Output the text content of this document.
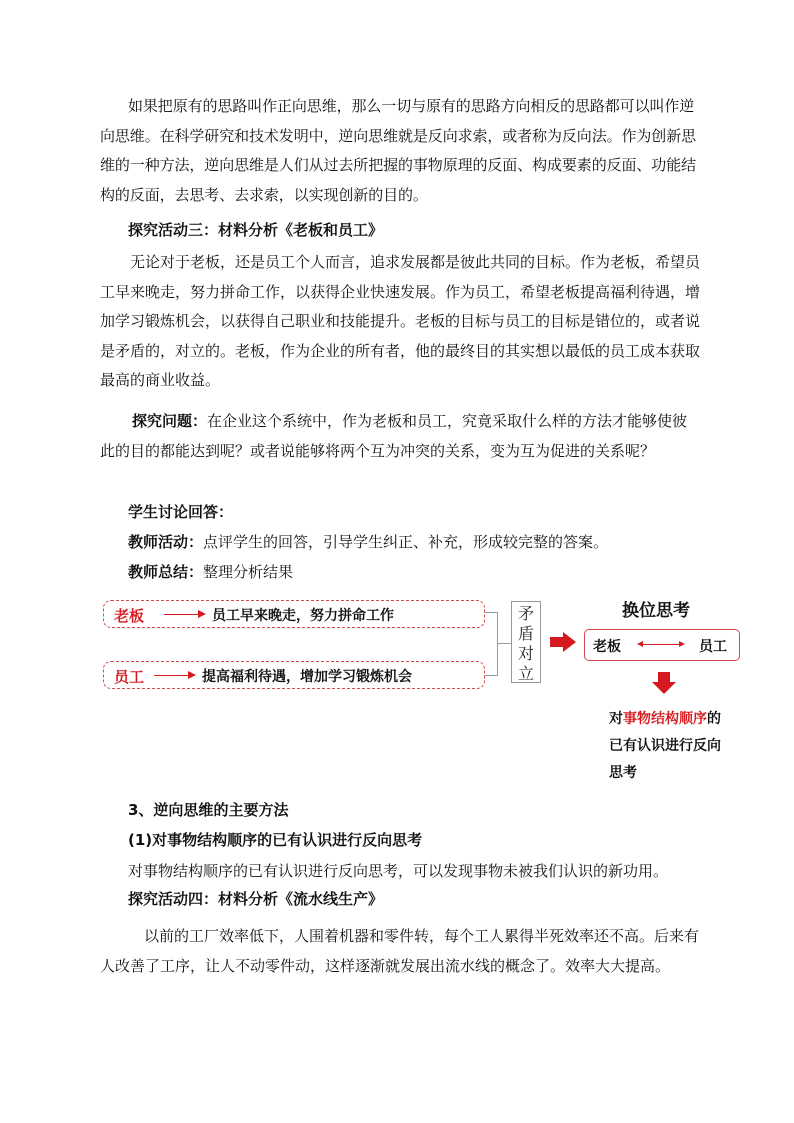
如果把原有的思路叫作正向思维，那么一切与原有的思路方向相反的思路都可以叫作逆向思维。在科学研究和技术发明中，逆向思维就是反向求索，或者称为反向法。作为创新思维的一种方法，逆向思维是人们从过去所把握的事物原理的反面、构成要素的反面、功能结构的反面，去思考、去求索，以实现创新的目的。

探究活动三：材料分析《老板和员工》

无论对于老板，还是员工个人而言，追求发展都是彼此共同的目标。作为老板，希望员工早来晚走，努力拼命工作，以获得企业快速发展。作为员工，希望老板提高福利待遇，增加学习锻炼机会，以获得自己职业和技能提升。老板的目标与员工的目标是错位的，或者说是矛盾的，对立的。老板，作为企业的所有者，他的最终目的其实想以最低的员工成本获取最高的商业收益。

探究问题：在企业这个系统中，作为老板和员工，究竟采取什么样的方法才能够使彼此的目的都能达到呢？或者说能够将两个互为冲突的关系，变为互为促进的关系呢？

学生讨论回答：

教师活动：点评学生的回答，引导学生纠正、补充，形成较完整的答案。

教师总结：整理分析结果

老板	员工早来晚走，努力拼命工作
员工	提高福利待遇，增加学习锻炼机会
矛
盾
对
立
换位思考
老板	员工

对事物结构顺序的已有认识进行反向思考

3、逆向思维的主要方法

(1)对事物结构顺序的已有认识进行反向思考

对事物结构顺序的已有认识进行反向思考，可以发现事物未被我们认识的新功用。

探究活动四：材料分析《流水线生产》

以前的工厂效率低下，人围着机器和零件转，每个工人累得半死效率还不高。后来有人改善了工序，让人不动零件动，这样逐渐就发展出流水线的概念了。效率大大提高。
